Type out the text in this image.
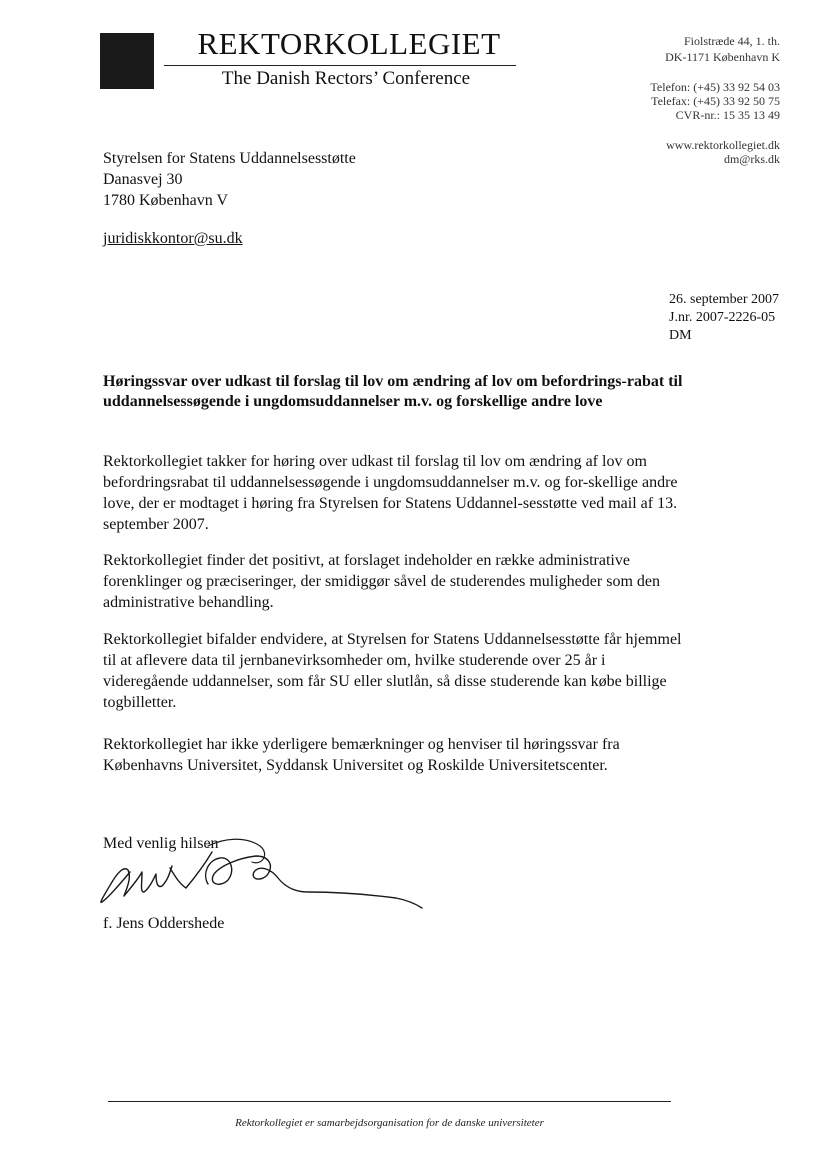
REKTORKOLLEGIET
The Danish Rectors’ Conference
Fiolstræde 44, 1. th.
DK-1171 København K
Telefon: (+45) 33 92 54 03
Telefax: (+45) 33 92 50 75
CVR-nr.: 15 35 13 49
www.rektorkollegiet.dk
dm@rks.dk
Styrelsen for Statens Uddannelsesstøtte
Danasvej 30
1780 København V
juridiskkontor@su.dk
26. september 2007
J.nr. 2007-2226-05
DM
Høringssvar over udkast til forslag til lov om ændring af lov om befordrings-rabat til uddannelsessøgende i ungdomsuddannelser m.v. og forskellige andre love
Rektorkollegiet takker for høring over udkast til forslag til lov om ændring af lov om befordringsrabat til uddannelsessøgende i ungdomsuddannelser m.v. og for-skellige andre love, der er modtaget i høring fra Styrelsen for Statens Uddannel-sesstøtte ved mail af 13. september 2007.
Rektorkollegiet finder det positivt, at forslaget indeholder en række administrative forenklinger og præciseringer, der smidiggør såvel de studerendes muligheder som den administrative behandling.
Rektorkollegiet bifalder endvidere, at Styrelsen for Statens Uddannelsesstøtte får hjemmel til at aflevere data til jernbanevirksomheder om, hvilke studerende over 25 år i videregående uddannelser, som får SU eller slutlån, så disse studerende kan købe billige togbilletter.
Rektorkollegiet har ikke yderligere bemærkninger og henviser til høringssvar fra Københavns Universitet, Syddansk Universitet og Roskilde Universitetscenter.
Med venlig hilsen
f. Jens Oddershede
Rektorkollegiet er samarbejdsorganisation for de danske universiteter
